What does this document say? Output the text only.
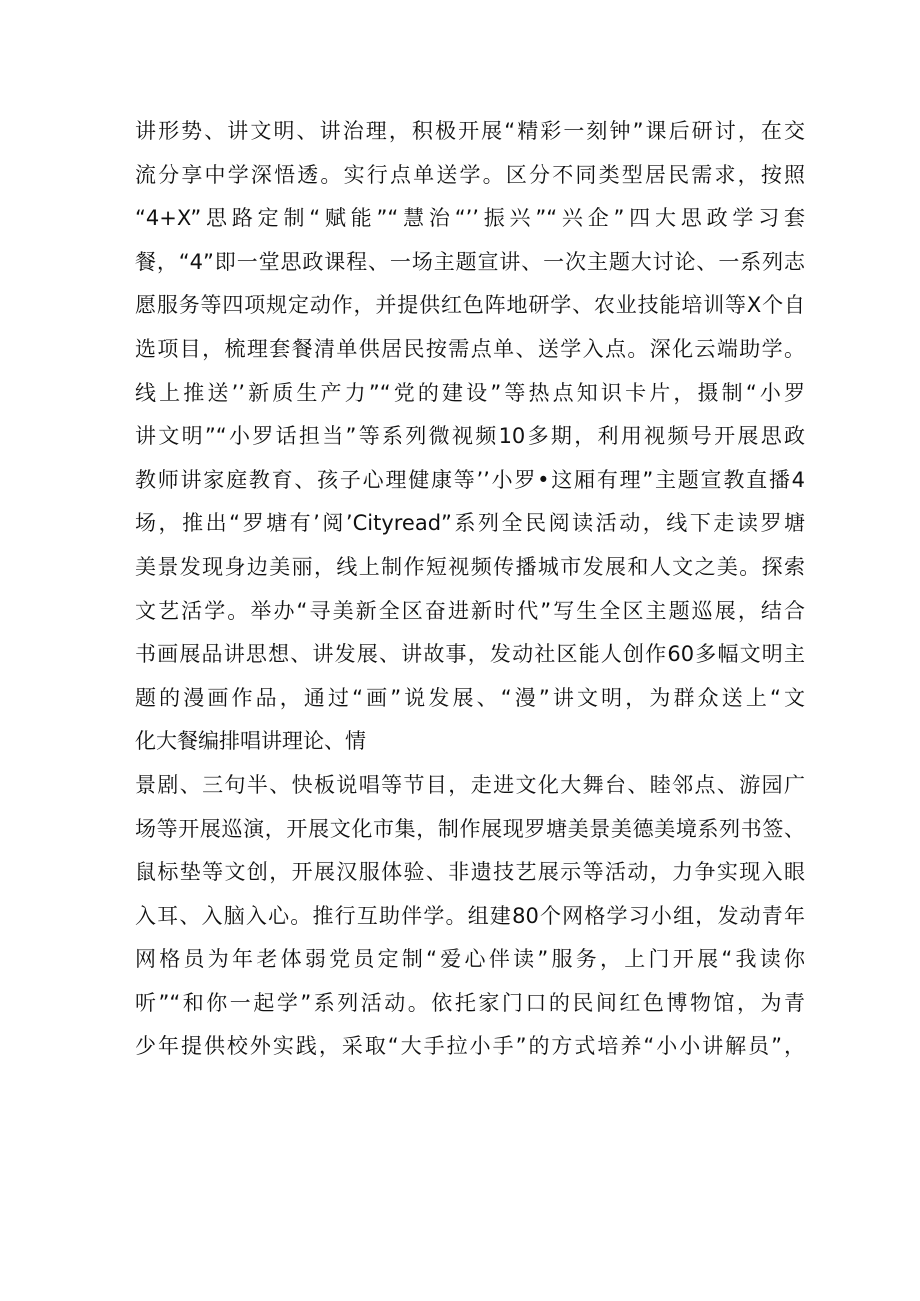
讲形势、讲文明、讲治理，积极开展“精彩一刻钟”课后研讨，在交
流分享中学深悟透。实行点单送学。区分不同类型居民需求，按照
“4+X”思路定制“赋能”“慧治“’’振兴”“兴企”四大思政学习套
餐，“4”即一堂思政课程、一场主题宣讲、一次主题大讨论、一系列志
愿服务等四项规定动作，并提供红色阵地研学、农业技能培训等X个自
选项目，梳理套餐清单供居民按需点单、送学入点。深化云端助学。
线上推送’’新质生产力”“党的建设”等热点知识卡片，摄制“小罗
讲文明”“小罗话担当”等系列微视频10多期，利用视频号开展思政
教师讲家庭教育、孩子心理健康等’’小罗•这厢有理”主题宣教直播4
场，推出“罗塘有’阅’Cityread”系列全民阅读活动，线下走读罗塘
美景发现身边美丽，线上制作短视频传播城市发展和人文之美。探索
文艺活学。举办“寻美新全区奋进新时代”写生全区主题巡展，结合
书画展品讲思想、讲发展、讲故事，发动社区能人创作60多幅文明主
题的漫画作品，通过“画”说发展、“漫”讲文明，为群众送上“文
化大餐编排唱讲理论、情
景剧、三句半、快板说唱等节目，走进文化大舞台、睦邻点、游园广
场等开展巡演，开展文化市集，制作展现罗塘美景美德美境系列书签、
鼠标垫等文创，开展汉服体验、非遗技艺展示等活动，力争实现入眼
入耳、入脑入心。推行互助伴学。组建80个网格学习小组，发动青年
网格员为年老体弱党员定制“爱心伴读”服务，上门开展“我读你
听”“和你一起学”系列活动。依托家门口的民间红色博物馆，为青
少年提供校外实践，采取“大手拉小手”的方式培养“小小讲解员”，
